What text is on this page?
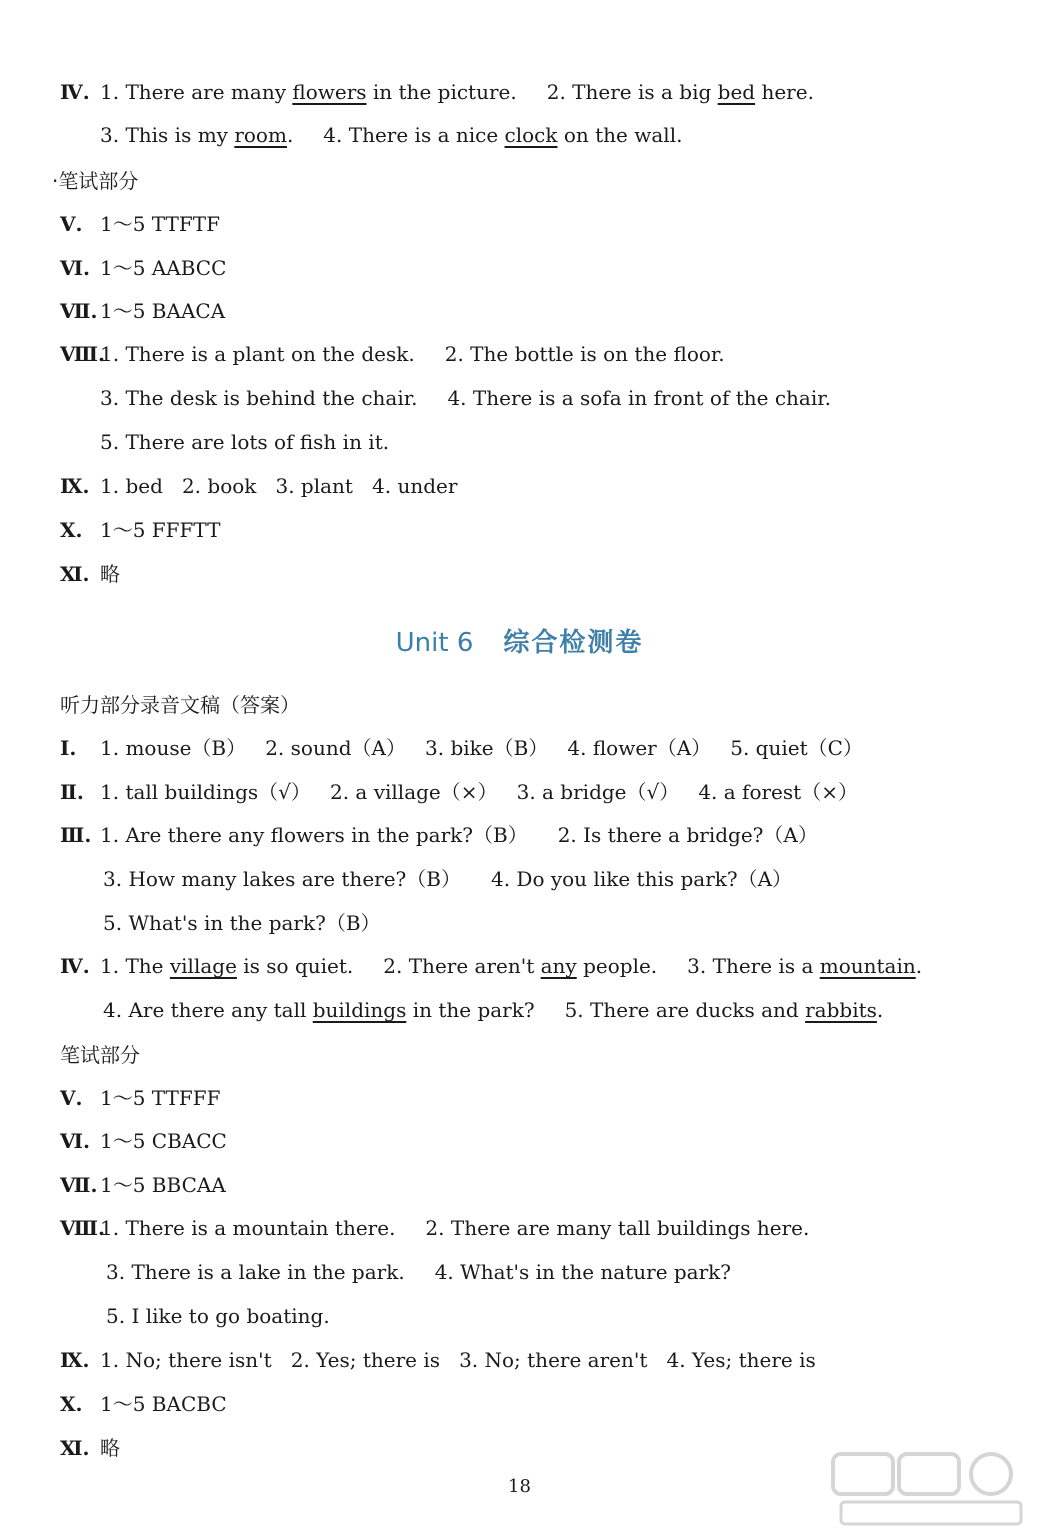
Ⅳ. 1. There are many flowers in the picture. 2. There is a big bed here.
3. This is my room. 4. There is a nice clock on the wall.
·笔试部分
Ⅴ. 1～5 TTFTF
Ⅵ. 1～5 AABCC
Ⅶ. 1～5 BAACA
Ⅷ.1. There is a plant on the desk. 2. The bottle is on the floor.
3. The desk is behind the chair. 4. There is a sofa in front of the chair.
5. There are lots of fish in it.
Ⅸ. 1. bed   2. book   3. plant   4. under
Ⅹ. 1～5 FFFTT
Ⅺ. 略
Unit 6 综合检测卷
听力部分录音文稿（答案）
Ⅰ. 1. mouse（B）   2. sound（A）   3. bike（B）   4. flower（A）   5. quiet（C）
Ⅱ. 1. tall buildings（√）   2. a village（×）   3. a bridge（√）   4. a forest（×）
Ⅲ. 1. Are there any flowers in the park?（B） 2. Is there a bridge?（A）
3. How many lakes are there?（B） 4. Do you like this park?（A）
5. What's in the park?（B）
Ⅳ. 1. The village is so quiet. 2. There aren't any people. 3. There is a mountain.
4. Are there any tall buildings in the park? 5. There are ducks and rabbits.
笔试部分
Ⅴ. 1～5 TTFFF
Ⅵ. 1～5 CBACC
Ⅶ. 1～5 BBCAA
Ⅷ.1. There is a mountain there. 2. There are many tall buildings here.
3. There is a lake in the park. 4. What's in the nature park?
5. I like to go boating.
Ⅸ. 1. No; there isn't   2. Yes; there is   3. No; there aren't   4. Yes; there is
Ⅹ. 1～5 BACBC
Ⅺ. 略
18
